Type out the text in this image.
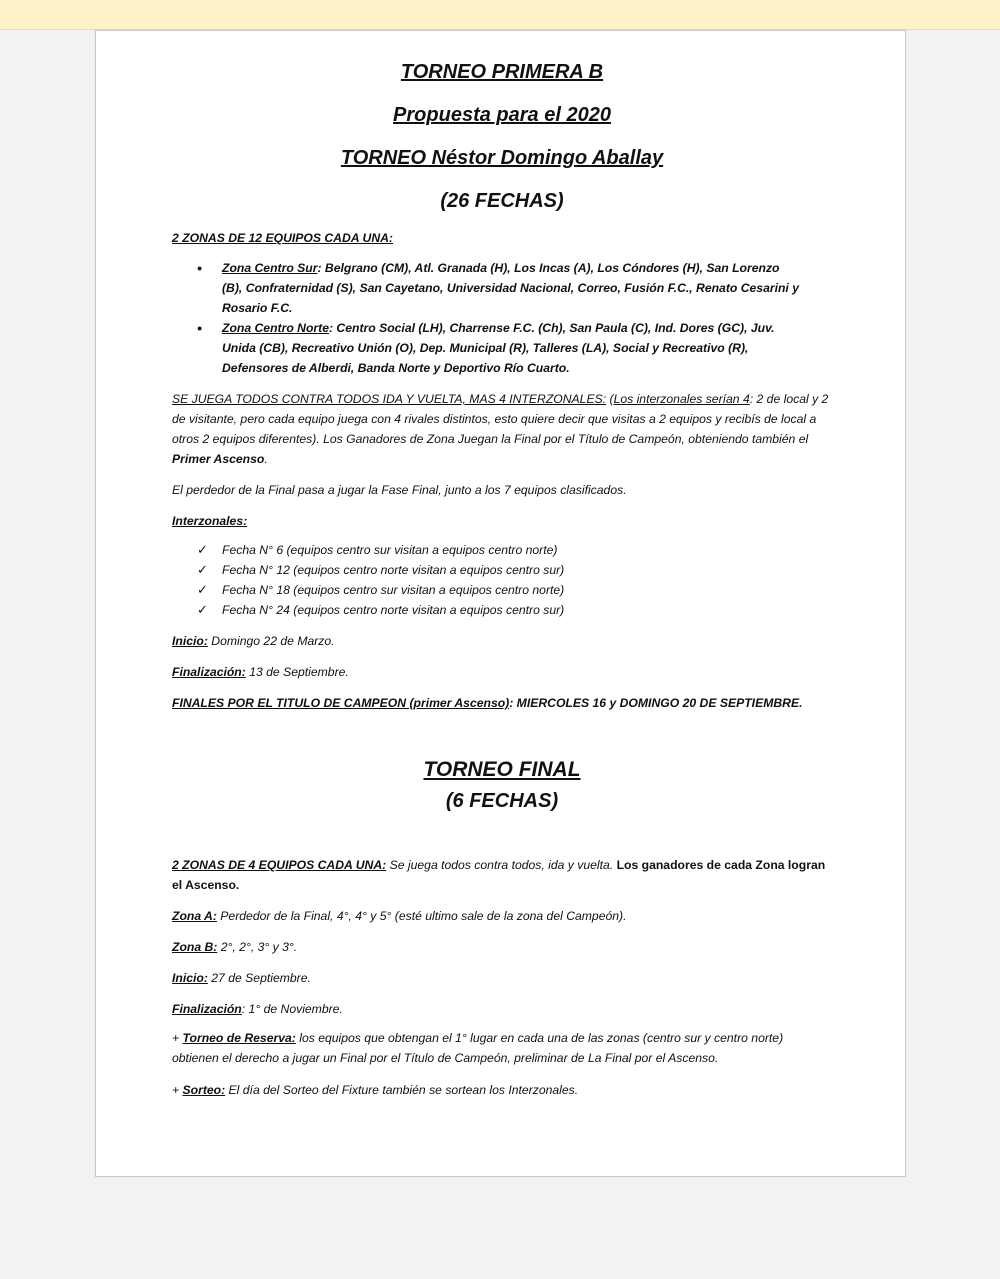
TORNEO PRIMERA B
Propuesta para el 2020
TORNEO Néstor Domingo Aballay
(26 FECHAS)

2 ZONAS DE 12 EQUIPOS CADA UNA:

• Zona Centro Sur: Belgrano (CM), Atl. Granada (H), Los Incas (A), Los Cóndores (H), San Lorenzo (B), Confraternidad (S), San Cayetano, Universidad Nacional, Correo, Fusión F.C., Renato Cesarini y Rosario F.C.
• Zona Centro Norte: Centro Social (LH), Charrense F.C. (Ch), San Paula (C), Ind. Dores (GC), Juv. Unida (CB), Recreativo Unión (O), Dep. Municipal (R), Talleres (LA), Social y Recreativo (R), Defensores de Alberdi, Banda Norte y Deportivo Río Cuarto.

SE JUEGA TODOS CONTRA TODOS IDA Y VUELTA, MAS 4 INTERZONALES: (Los interzonales serían 4: 2 de local y 2 de visitante, pero cada equipo juega con 4 rivales distintos, esto quiere decir que visitas a 2 equipos y recibís de local a otros 2 equipos diferentes). Los Ganadores de Zona Juegan la Final por el Título de Campeón, obteniendo también el Primer Ascenso.

El perdedor de la Final pasa a jugar la Fase Final, junto a los 7 equipos clasificados.

Interzonales:

✓ Fecha N° 6 (equipos centro sur visitan a equipos centro norte)
✓ Fecha N° 12 (equipos centro norte visitan a equipos centro sur)
✓ Fecha N° 18 (equipos centro sur visitan a equipos centro norte)
✓ Fecha N° 24 (equipos centro norte visitan a equipos centro sur)

Inicio: Domingo 22 de Marzo.

Finalización: 13 de Septiembre.

FINALES POR EL TITULO DE CAMPEON (primer Ascenso): MIERCOLES 16 y DOMINGO 20 DE SEPTIEMBRE.

TORNEO FINAL
(6 FECHAS)

2 ZONAS DE 4 EQUIPOS CADA UNA: Se juega todos contra todos, ida y vuelta. Los ganadores de cada Zona logran el Ascenso.

Zona A: Perdedor de la Final, 4°, 4° y 5° (esté ultimo sale de la zona del Campeón).

Zona B: 2°, 2°, 3° y 3°.

Inicio: 27 de Septiembre.

Finalización: 1° de Noviembre.

+ Torneo de Reserva: los equipos que obtengan el 1° lugar en cada una de las zonas (centro sur y centro norte) obtienen el derecho a jugar un Final por el Título de Campeón, preliminar de La Final por el Ascenso.

+ Sorteo: El día del Sorteo del Fixture también se sortean los Interzonales.
